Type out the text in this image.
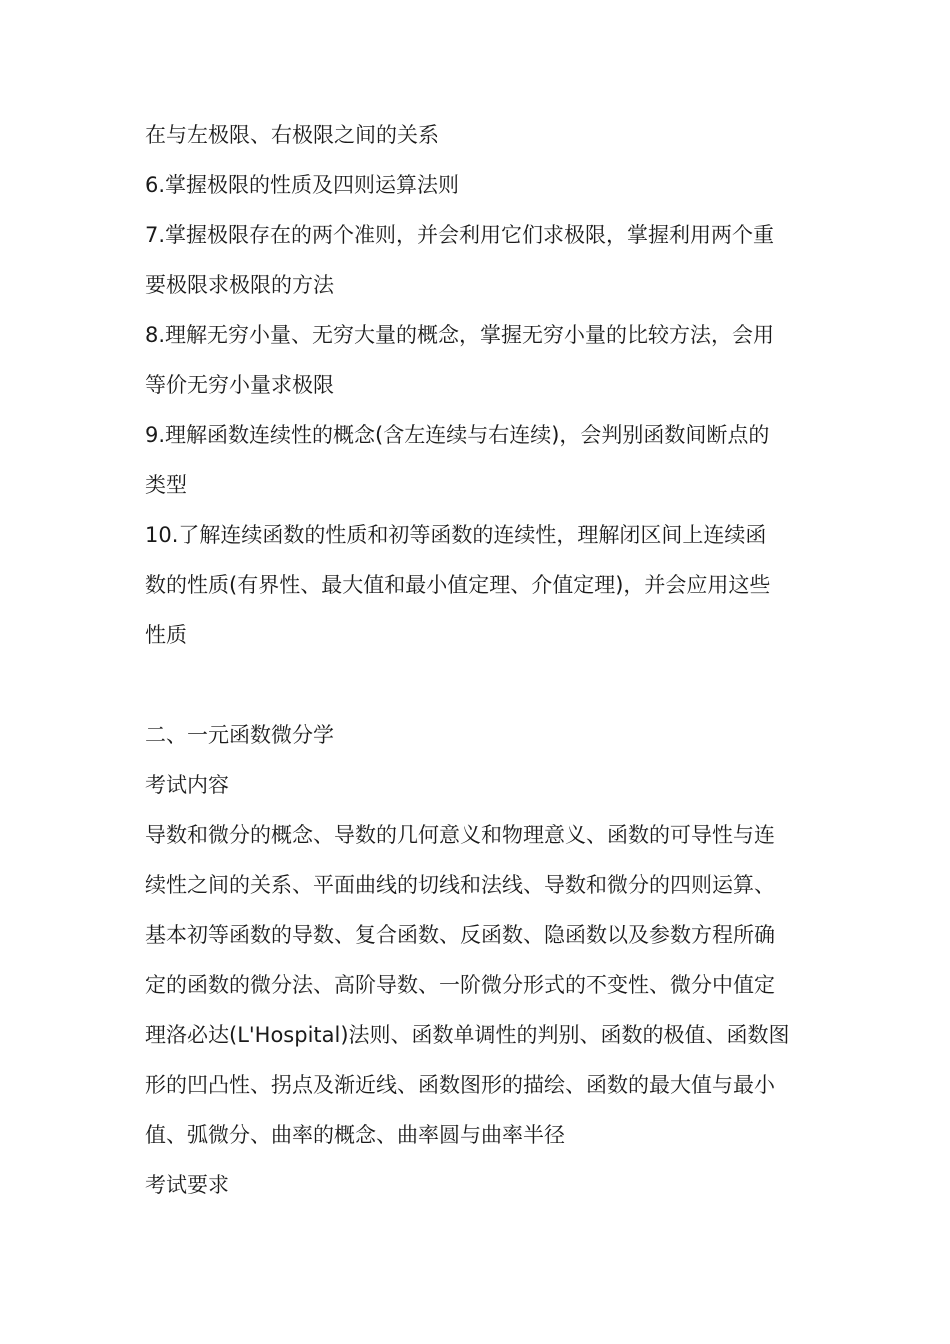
在与左极限、右极限之间的关系
6.掌握极限的性质及四则运算法则
7.掌握极限存在的两个准则，并会利用它们求极限，掌握利用两个重
要极限求极限的方法
8.理解无穷小量、无穷大量的概念，掌握无穷小量的比较方法，会用
等价无穷小量求极限
9.理解函数连续性的概念(含左连续与右连续)，会判别函数间断点的
类型
10.了解连续函数的性质和初等函数的连续性，理解闭区间上连续函
数的性质(有界性、最大值和最小值定理、介值定理)，并会应用这些
性质
二、一元函数微分学
考试内容
导数和微分的概念、导数的几何意义和物理意义、函数的可导性与连
续性之间的关系、平面曲线的切线和法线、导数和微分的四则运算、
基本初等函数的导数、复合函数、反函数、隐函数以及参数方程所确
定的函数的微分法、高阶导数、一阶微分形式的不变性、微分中值定
理洛必达(L'Hospital)法则、函数单调性的判别、函数的极值、函数图
形的凹凸性、拐点及渐近线、函数图形的描绘、函数的最大值与最小
值、弧微分、曲率的概念、曲率圆与曲率半径
考试要求
